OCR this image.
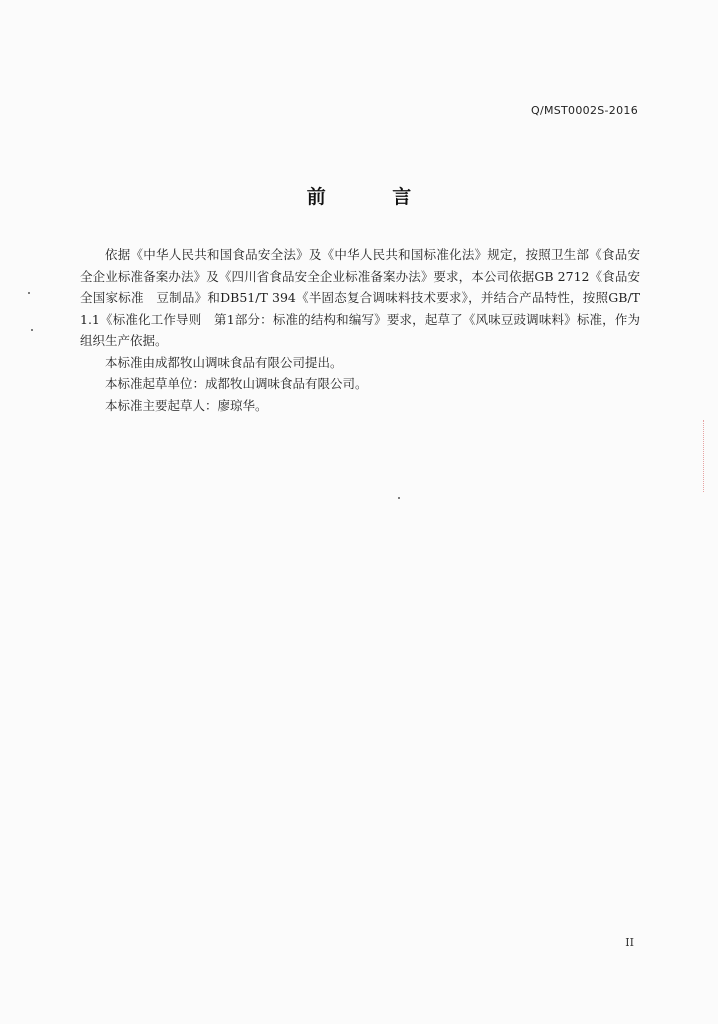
Q/MST0002S-2016
前 言

依据《中华人民共和国食品安全法》及《中华人民共和国标准化法》规定，按照卫生部《食品安全企业标准备案办法》及《四川省食品安全企业标准备案办法》要求，本公司依据GB 2712《食品安全国家标准　豆制品》和DB51/T 394《半固态复合调味料技术要求》，并结合产品特性，按照GB/T 1.1《标准化工作导则　第1部分：标准的结构和编写》要求，起草了《风味豆豉调味料》标准，作为组织生产依据。

本标准由成都牧山调味食品有限公司提出。

本标准起草单位：成都牧山调味食品有限公司。

本标准主要起草人：廖琼华。

II
